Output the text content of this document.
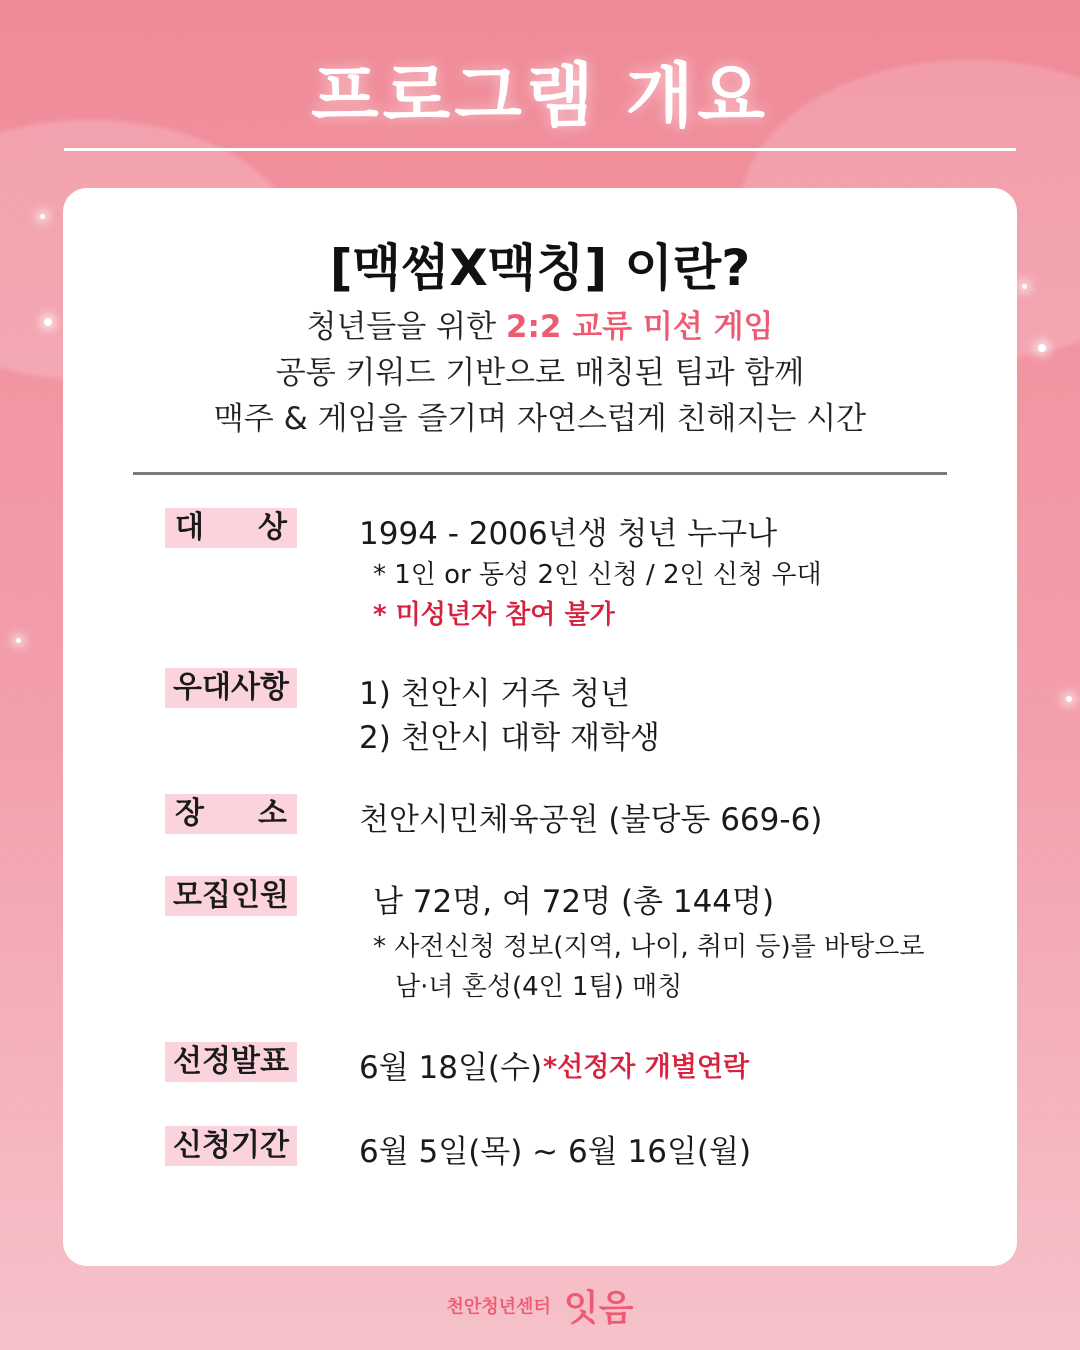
프로그램 개요
[맥썸X맥칭] 이란?
청년들을 위한 2:2 교류 미션 게임
공통 키워드 기반으로 매칭된 팀과 함께
맥주 & 게임을 즐기며 자연스럽게 친해지는 시간
대 상 1994 - 2006년생 청년 누구나
* 1인 or 동성 2인 신청 / 2인 신청 우대
* 미성년자 참여 불가
우대사항 1) 천안시 거주 청년
2) 천안시 대학 재학생
장 소 천안시민체육공원 (불당동 669-6)
모집인원	남 72명, 여 72명 (총 144명)
* 사전신청 정보(지역, 나이, 취미 등)를 바탕으로
남·녀 혼성(4인 1팀) 매칭
선정발표 6월 18일(수) *선정자 개별연락
신청기간 6월 5일(목) ~ 6월 16일(월)
천안청년센터 잇음
